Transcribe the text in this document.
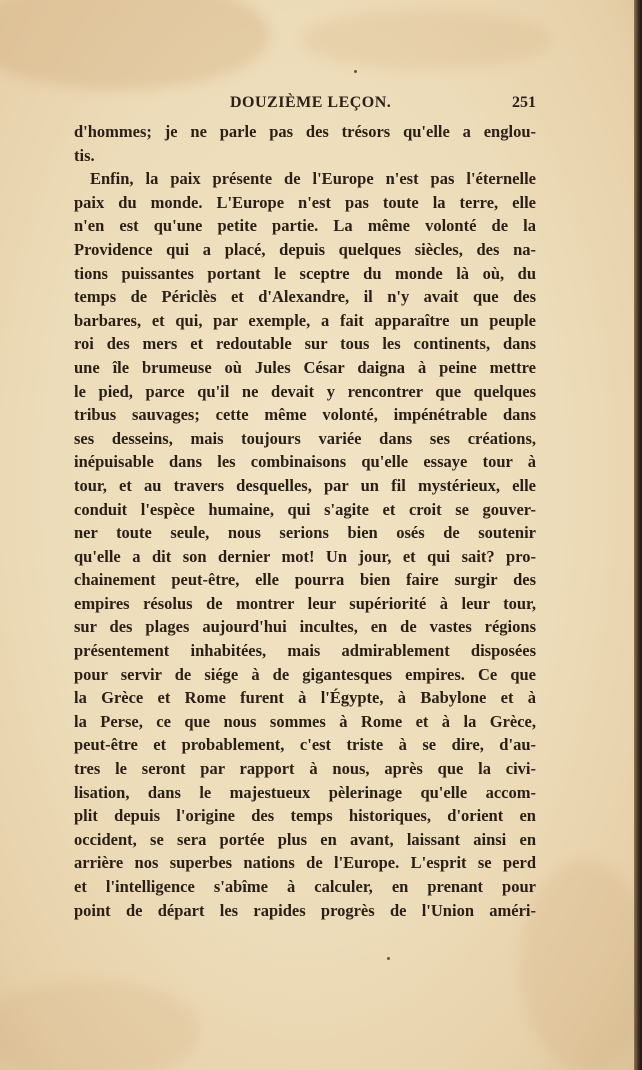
DOUZIÈME LEÇON.	251
d'hommes; je ne parle pas des trésors qu'elle a englou-
tis.
Enfin, la paix présente de l'Europe n'est pas l'éternelle
paix du monde. L'Europe n'est pas toute la terre, elle
n'en est qu'une petite partie. La même volonté de la
Providence qui a placé, depuis quelques siècles, des na-
tions puissantes portant le sceptre du monde là où, du
temps de Périclès et d'Alexandre, il n'y avait que des
barbares, et qui, par exemple, a fait apparaître un peuple
roi des mers et redoutable sur tous les continents, dans
une île brumeuse où Jules César daigna à peine mettre
le pied, parce qu'il ne devait y rencontrer que quelques
tribus sauvages; cette même volonté, impénétrable dans
ses desseins, mais toujours variée dans ses créations,
inépuisable dans les combinaisons qu'elle essaye tour à
tour, et au travers desquelles, par un fil mystérieux, elle
conduit l'espèce humaine, qui s'agite et croit se gouver-
ner toute seule, nous serions bien osés de soutenir
qu'elle a dit son dernier mot! Un jour, et qui sait? pro-
chainement peut-être, elle pourra bien faire surgir des
empires résolus de montrer leur supériorité à leur tour,
sur des plages aujourd'hui incultes, en de vastes régions
présentement inhabitées, mais admirablement disposées
pour servir de siége à de gigantesques empires. Ce que
la Grèce et Rome furent à l'Égypte, à Babylone et à
la Perse, ce que nous sommes à Rome et à la Grèce,
peut-être et probablement, c'est triste à se dire, d'au-
tres le seront par rapport à nous, après que la civi-
lisation, dans le majestueux pèlerinage qu'elle accom-
plit depuis l'origine des temps historiques, d'orient en
occident, se sera portée plus en avant, laissant ainsi en
arrière nos superbes nations de l'Europe. L'esprit se perd
et l'intelligence s'abîme à calculer, en prenant pour
point de départ les rapides progrès de l'Union améri-
